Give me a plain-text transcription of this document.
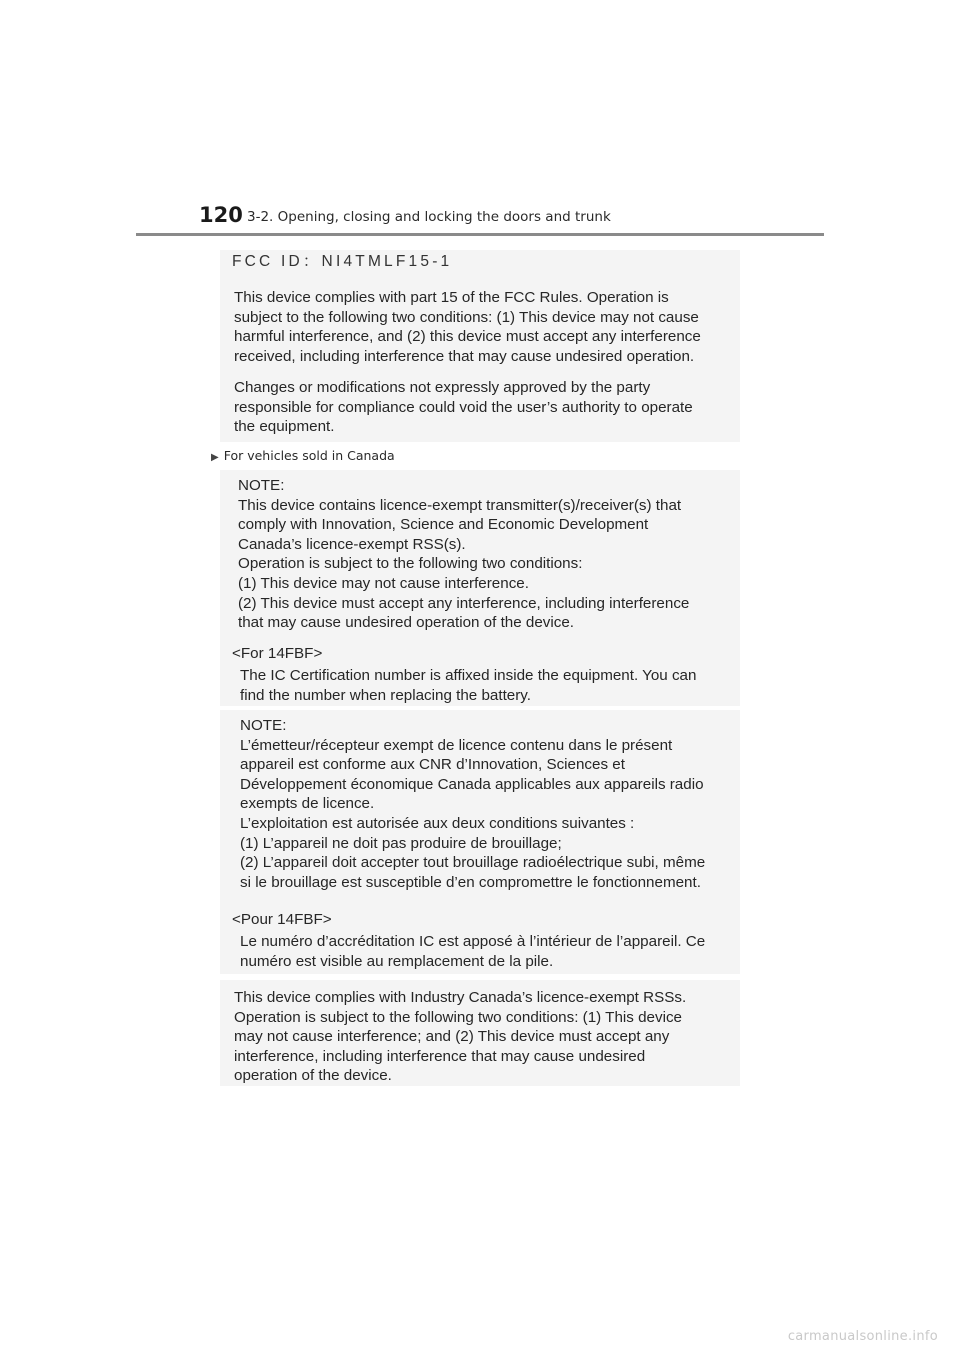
120 3-2. Opening, closing and locking the doors and trunk
FCC ID：NI4TMLF15-1

This device complies with part 15 of the FCC Rules. Operation is

subject to the following two conditions: (1) This device may not cause

harmful interference, and (2) this device must accept any interference

received, including interference that may cause undesired operation.

Changes or modifications not expressly approved by the party

responsible for compliance could void the user’s authority to operate

the equipment.

▶ For vehicles sold in Canada

NOTE:

This device contains licence-exempt transmitter(s)/receiver(s) that

comply with Innovation, Science and Economic Development

Canada’s licence-exempt RSS(s).

Operation is subject to the following two conditions:

(1) This device may not cause interference.

(2) This device must accept any interference, including interference

that may cause undesired operation of the device.

<For 14FBF>

The IC Certification number is affixed inside the equipment. You can

find the number when replacing the battery.

NOTE:

L’émetteur/récepteur exempt de licence contenu dans le présent

appareil est conforme aux CNR d’Innovation, Sciences et

Développement économique Canada applicables aux appareils radio

exempts de licence.

L’exploitation est autorisée aux deux conditions suivantes :

(1) L’appareil ne doit pas produire de brouillage;

(2) L’appareil doit accepter tout brouillage radioélectrique subi, même

si le brouillage est susceptible d’en compromettre le fonctionnement.

<Pour 14FBF>

Le numéro d’accréditation IC est apposé à l’intérieur de l’appareil. Ce

numéro est visible au remplacement de la pile.

This device complies with Industry Canada’s licence-exempt RSSs.

Operation is subject to the following two conditions: (1) This device

may not cause interference; and (2) This device must accept any

interference, including interference that may cause undesired

operation of the device.

carmanualsonline.info
